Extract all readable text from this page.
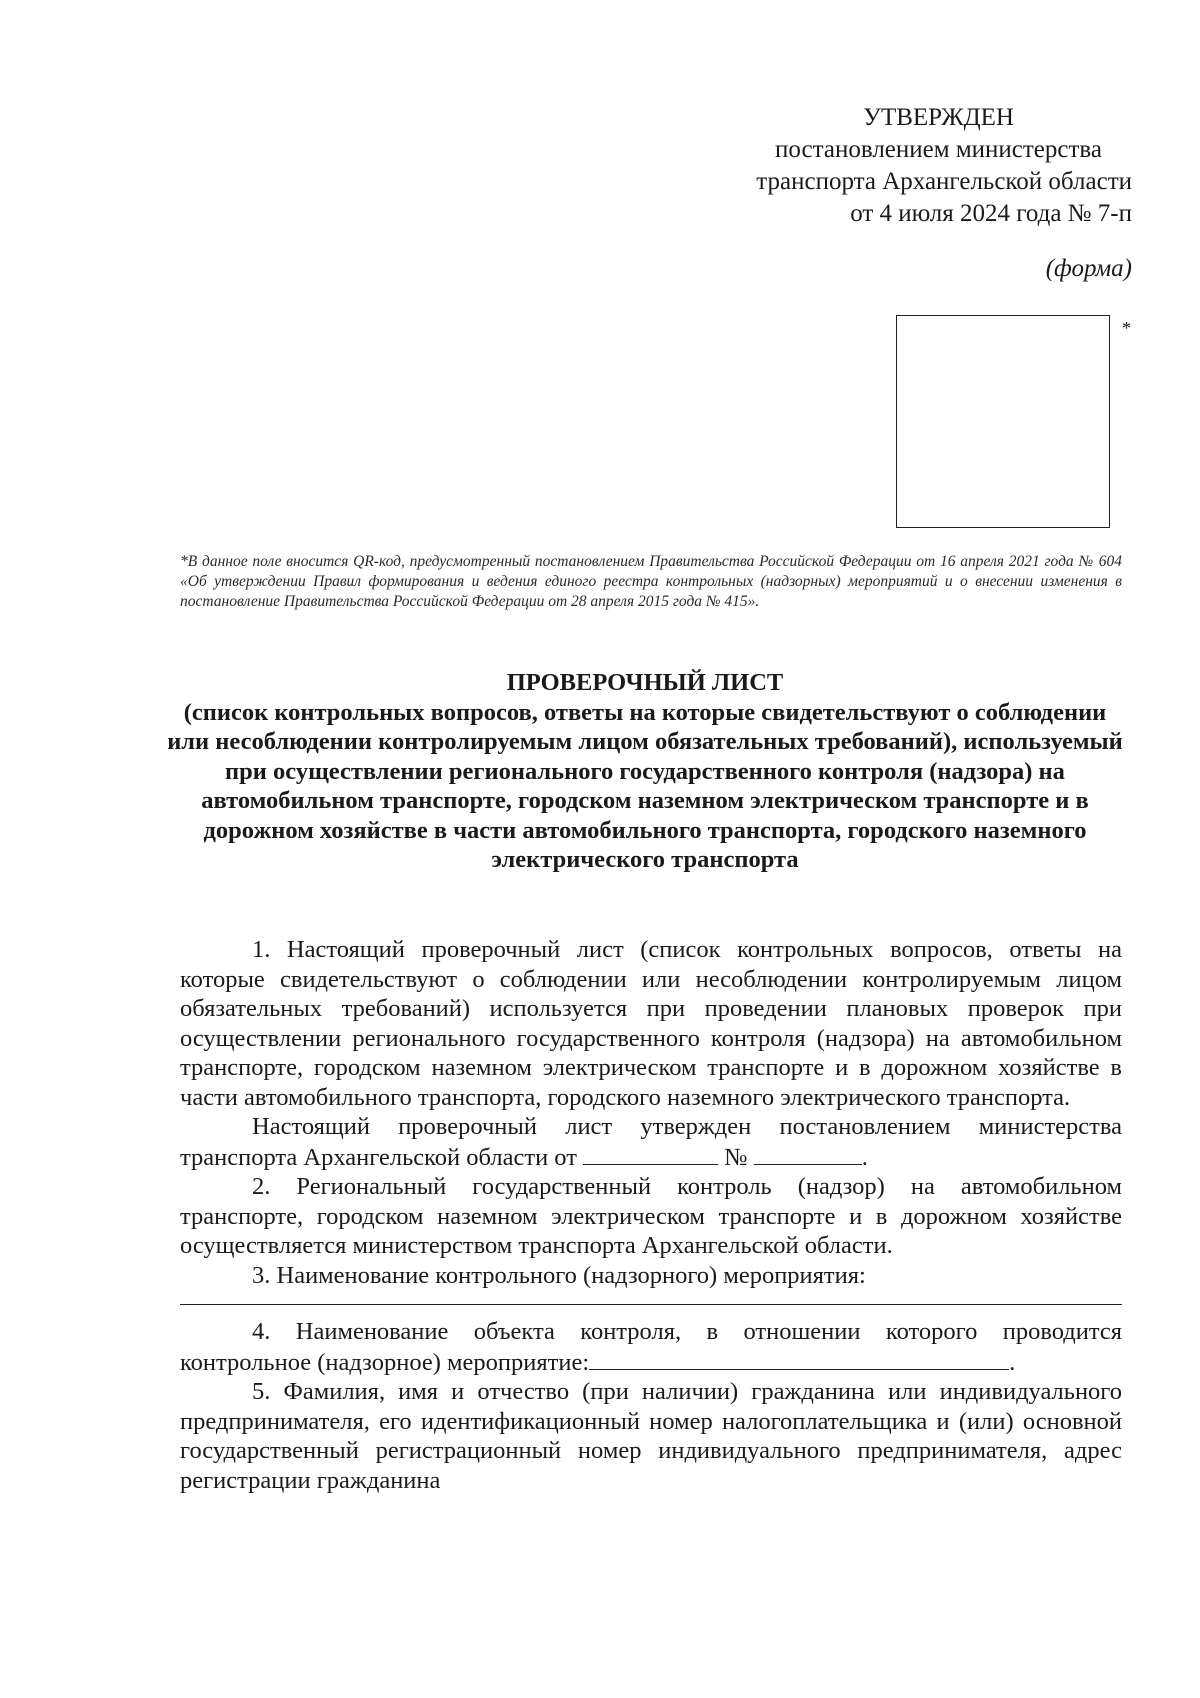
УТВЕРЖДЕН
постановлением министерства
транспорта Архангельской области
от 4 июля 2024 года № 7-п
(форма)
*
*В данное поле вносится QR-код, предусмотренный постановлением Правительства Российской Федерации от 16 апреля 2021 года № 604 «Об утверждении Правил формирования и ведения единого реестра контрольных (надзорных) мероприятий и о внесении изменения в постановление Правительства Российской Федерации от 28 апреля 2015 года № 415».
ПРОВЕРОЧНЫЙ ЛИСТ
(список контрольных вопросов, ответы на которые свидетельствуют о соблюдении или несоблюдении контролируемым лицом обязательных требований), используемый при осуществлении регионального государственного контроля (надзора) на автомобильном транспорте, городском наземном электрическом транспорте и в дорожном хозяйстве в части автомобильного транспорта, городского наземного электрического транспорта

1. Настоящий проверочный лист (список контрольных вопросов, ответы на которые свидетельствуют о соблюдении или несоблюдении контролируемым лицом обязательных требований) используется при проведении плановых проверок при осуществлении регионального государственного контроля (надзора) на автомобильном транспорте, городском наземном электрическом транспорте и в дорожном хозяйстве в части автомобильного транспорта, городского наземного электрического транспорта.

Настоящий проверочный лист утвержден постановлением министерства транспорта Архангельской области от	№	.

2. Региональный государственный контроль (надзор) на автомобильном транспорте, городском наземном электрическом транспорте и в дорожном хозяйстве осуществляется министерством транспорта Архангельской области.

3. Наименование контрольного (надзорного) мероприятия:

4. Наименование объекта контроля, в отношении которого проводится контрольное (надзорное) мероприятие:	.

5. Фамилия, имя и отчество (при наличии) гражданина или индивидуального предпринимателя, его идентификационный номер налогоплательщика и (или) основной государственный регистрационный номер индивидуального предпринимателя, адрес регистрации гражданина
